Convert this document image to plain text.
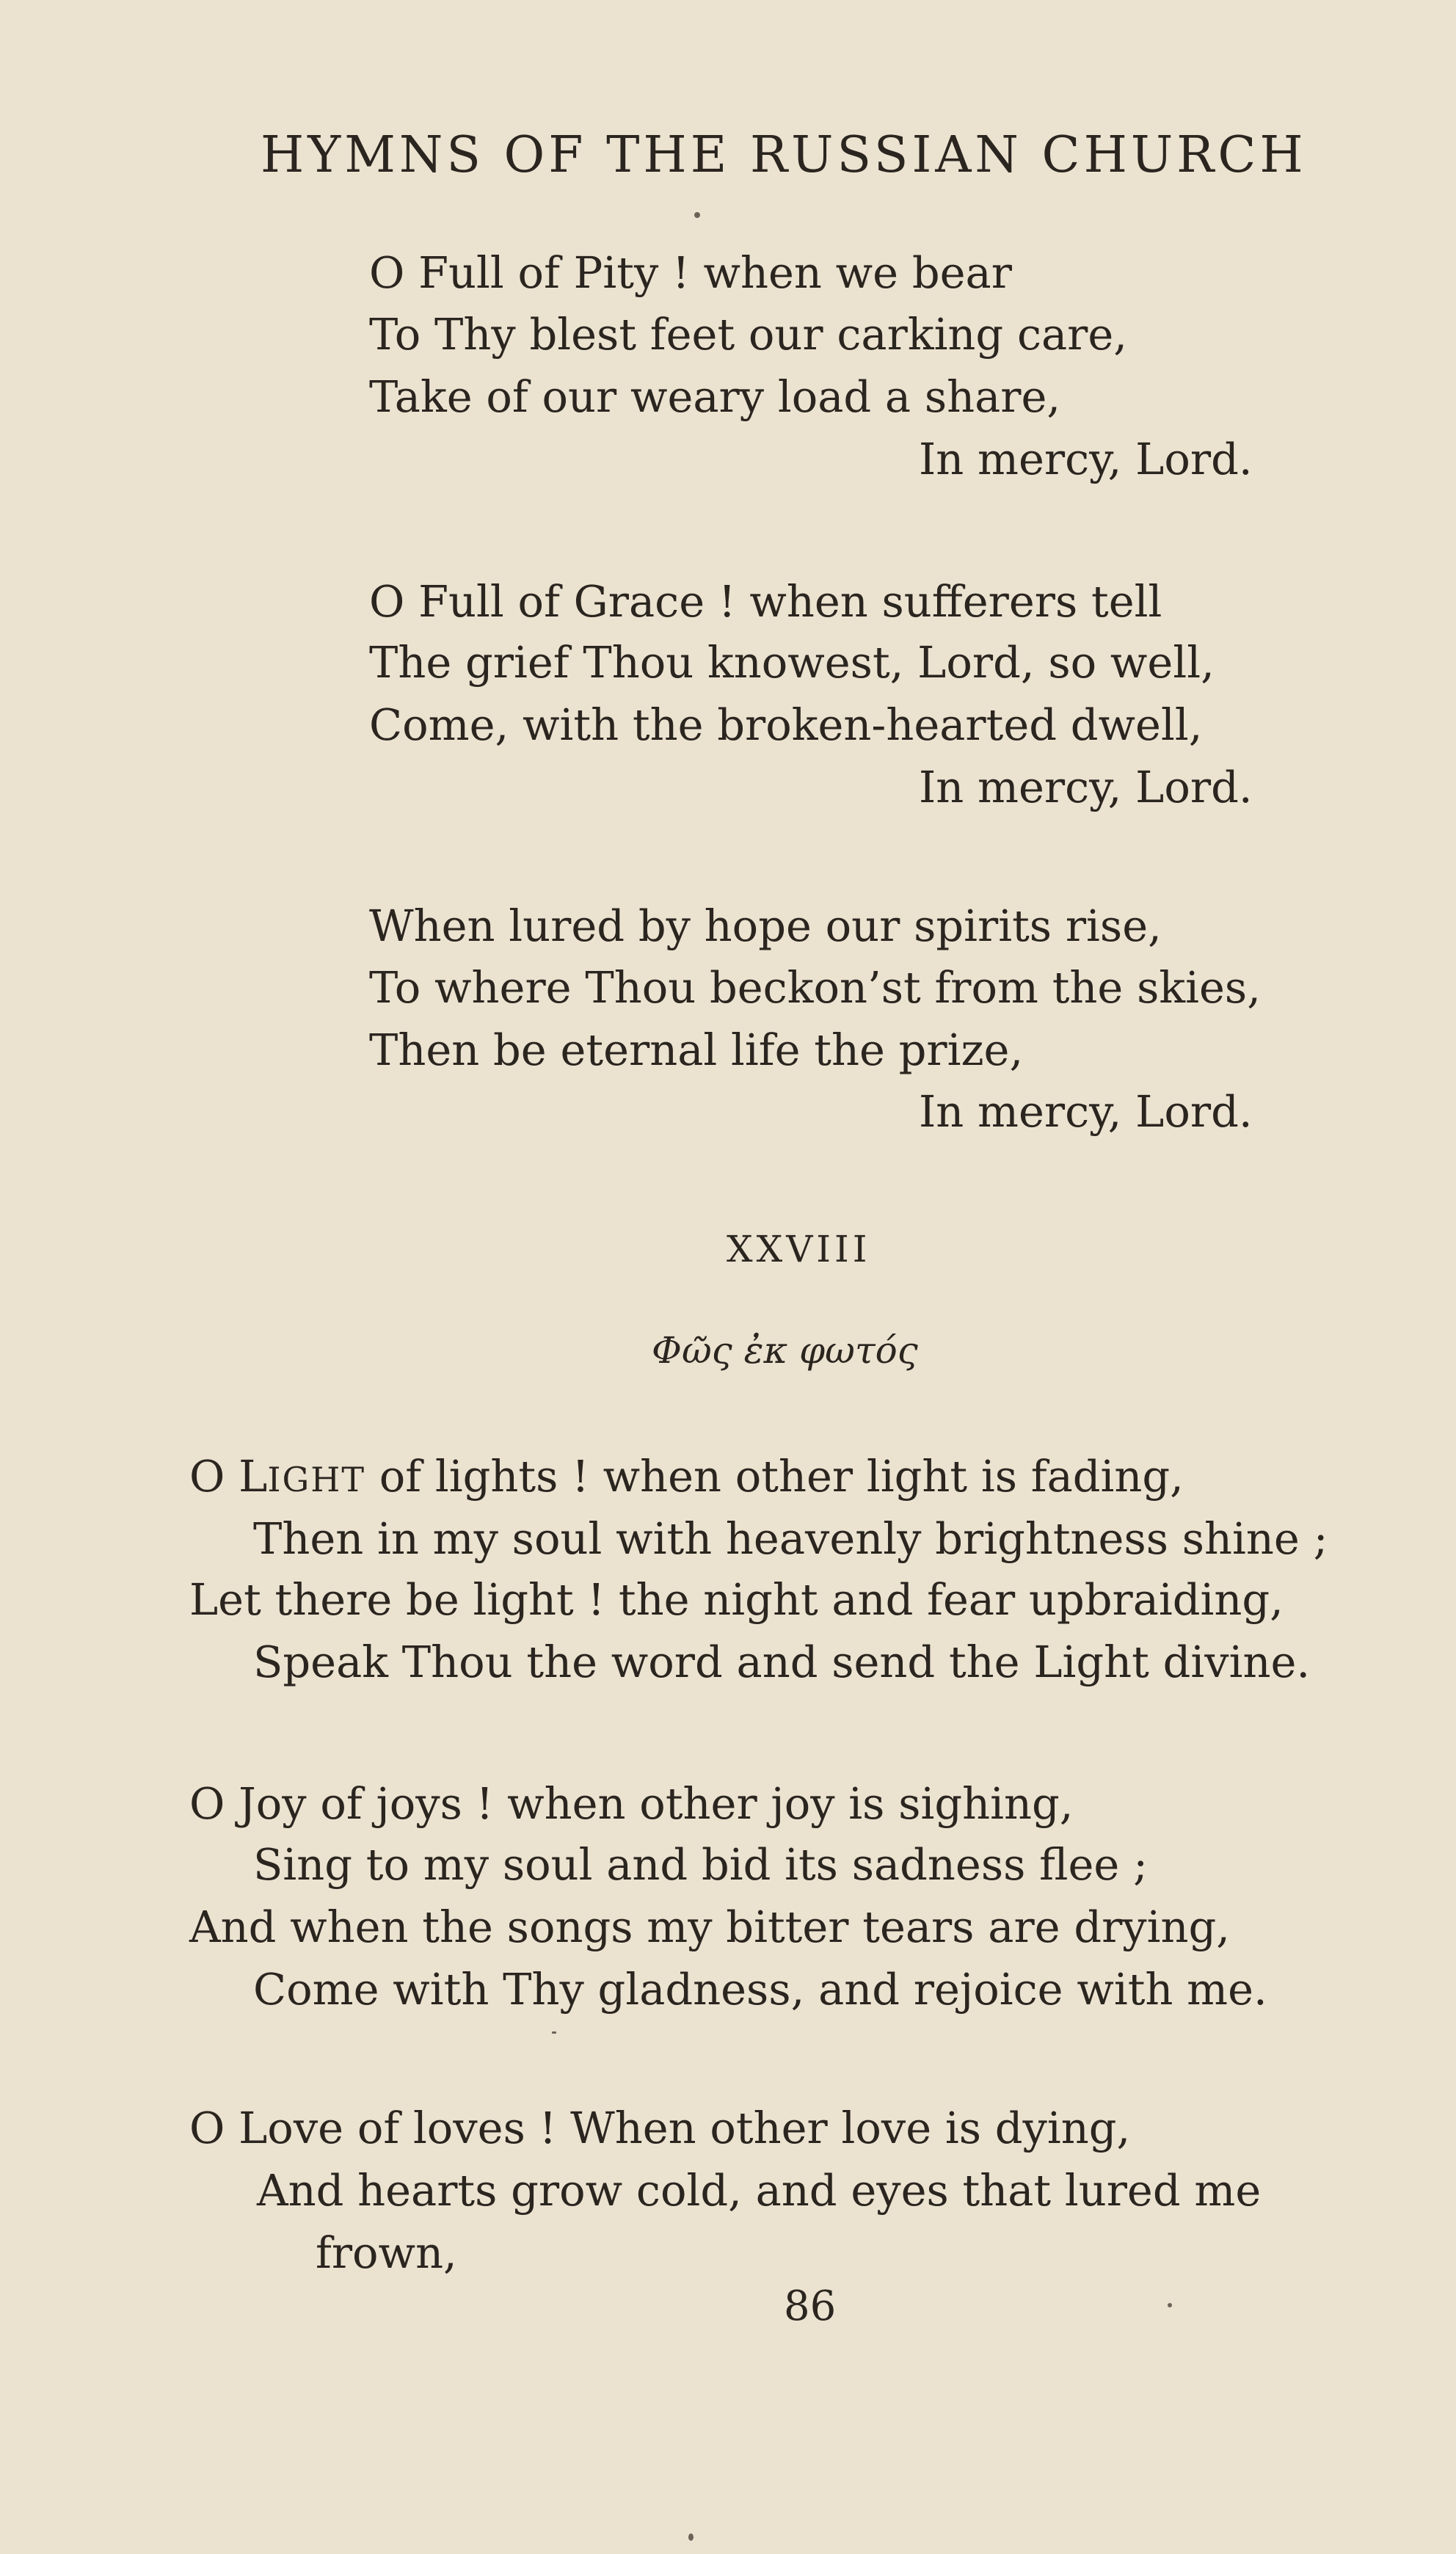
HYMNS OF THE RUSSIAN CHURCH
O Full of Pity ! when we bear
To Thy blest feet our carking care,
Take of our weary load a share,
In mercy, Lord.
O Full of Grace ! when sufferers tell
The grief Thou knowest, Lord, so well,
Come, with the broken-hearted dwell,
In mercy, Lord.
When lured by hope our spirits rise,
To where Thou beckon’st from the skies,
Then be eternal life the prize,
In mercy, Lord.
XXVIII
Φῶς ἐκ φωτός
O LIGHT of lights ! when other light is fading,
Then in my soul with heavenly brightness shine ;
Let there be light ! the night and fear upbraiding,
Speak Thou the word and send the Light divine.
O Joy of joys ! when other joy is sighing,
Sing to my soul and bid its sadness flee ;
And when the songs my bitter tears are drying,
Come with Thy gladness, and rejoice with me.
O Love of loves ! When other love is dying,
And hearts grow cold, and eyes that lured me
frown,
86
